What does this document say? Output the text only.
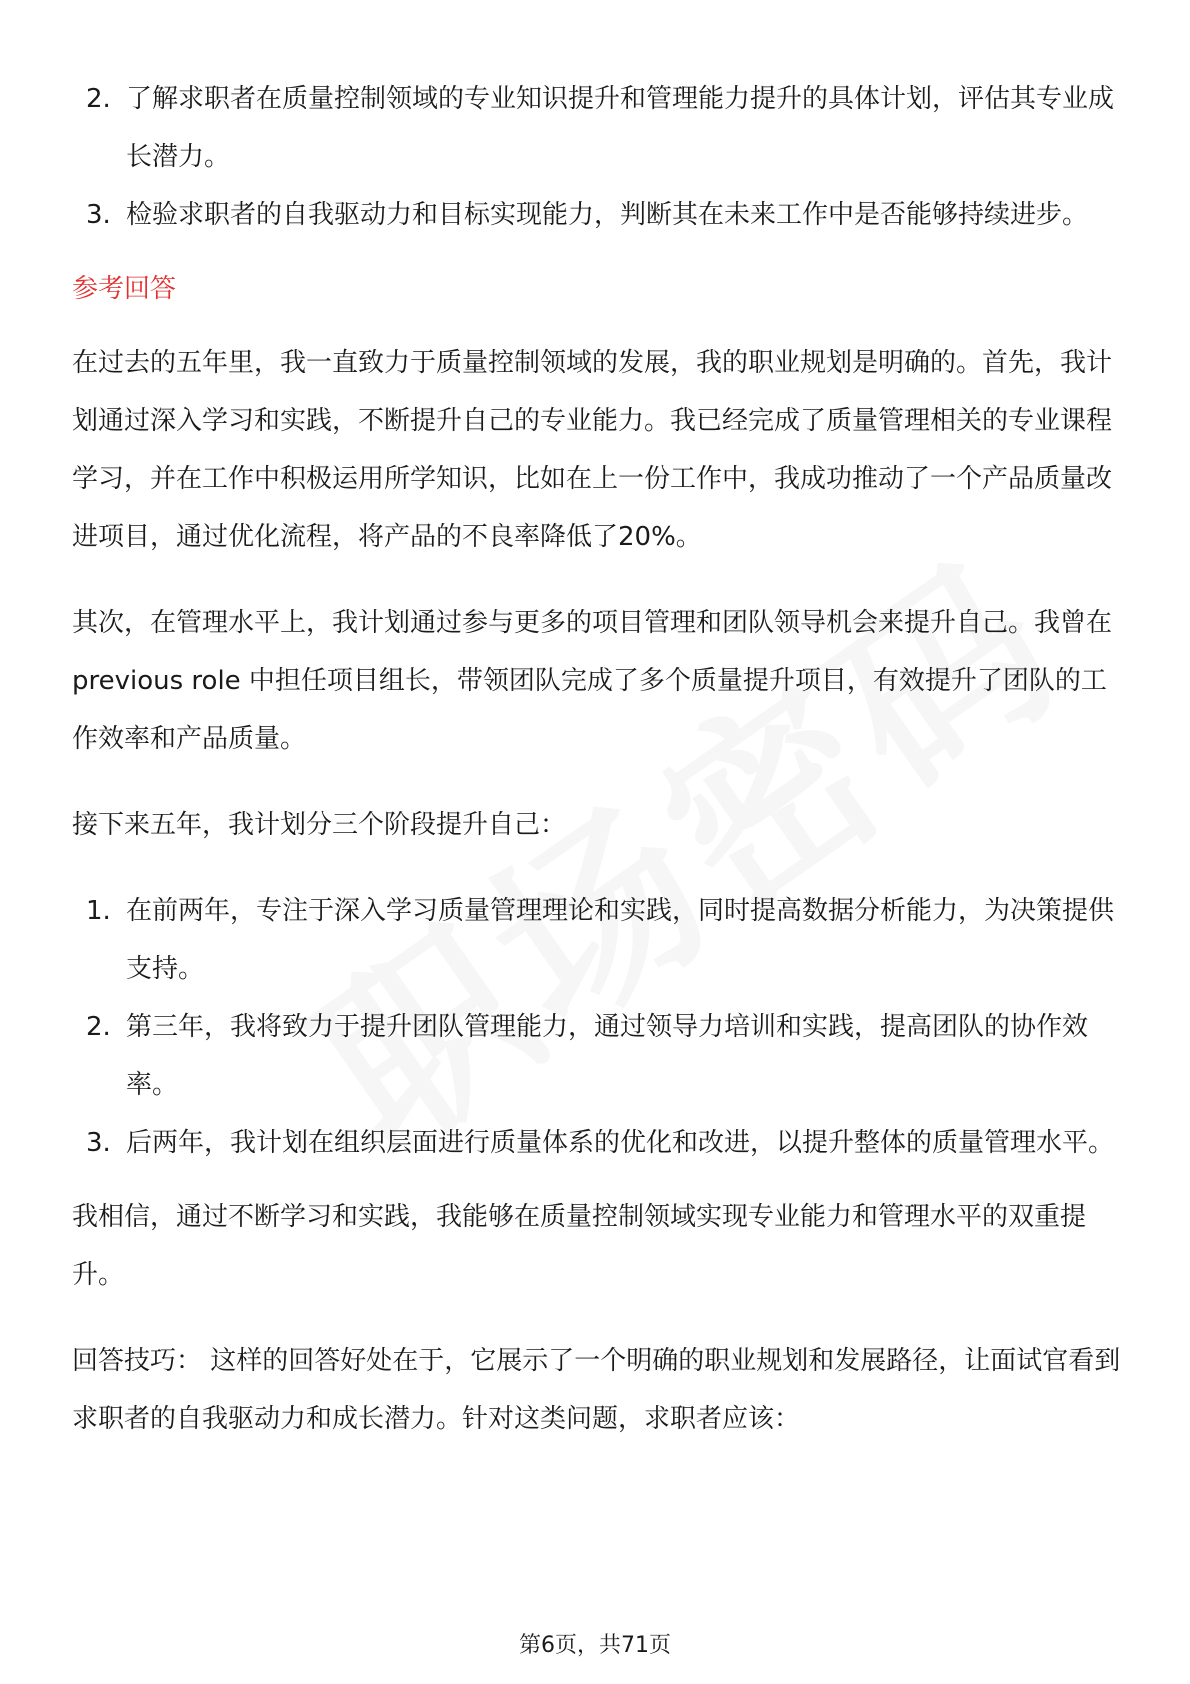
2. 了解求职者在质量控制领域的专业知识提升和管理能力提升的具体计划，评估其专业成长潜力。
3. 检验求职者的自我驱动力和目标实现能力，判断其在未来工作中是否能够持续进步。
参考回答

在过去的五年里，我一直致力于质量控制领域的发展，我的职业规划是明确的。首先，我计划通过深入学习和实践，不断提升自己的专业能力。我已经完成了质量管理相关的专业课程学习，并在工作中积极运用所学知识，比如在上一份工作中，我成功推动了一个产品质量改进项目，通过优化流程，将产品的不良率降低了20%。

其次，在管理水平上，我计划通过参与更多的项目管理和团队领导机会来提升自己。我曾在 previous role 中担任项目组长，带领团队完成了多个质量提升项目，有效提升了团队的工作效率和产品质量。

接下来五年，我计划分三个阶段提升自己：

1. 在前两年，专注于深入学习质量管理理论和实践，同时提高数据分析能力，为决策提供支持。
2. 第三年，我将致力于提升团队管理能力，通过领导力培训和实践，提高团队的协作效率。
3. 后两年，我计划在组织层面进行质量体系的优化和改进，以提升整体的质量管理水平。

我相信，通过不断学习和实践，我能够在质量控制领域实现专业能力和管理水平的双重提升。

回答技巧： 这样的回答好处在于，它展示了一个明确的职业规划和发展路径，让面试官看到求职者的自我驱动力和成长潜力。针对这类问题，求职者应该：

第6页，共71页
